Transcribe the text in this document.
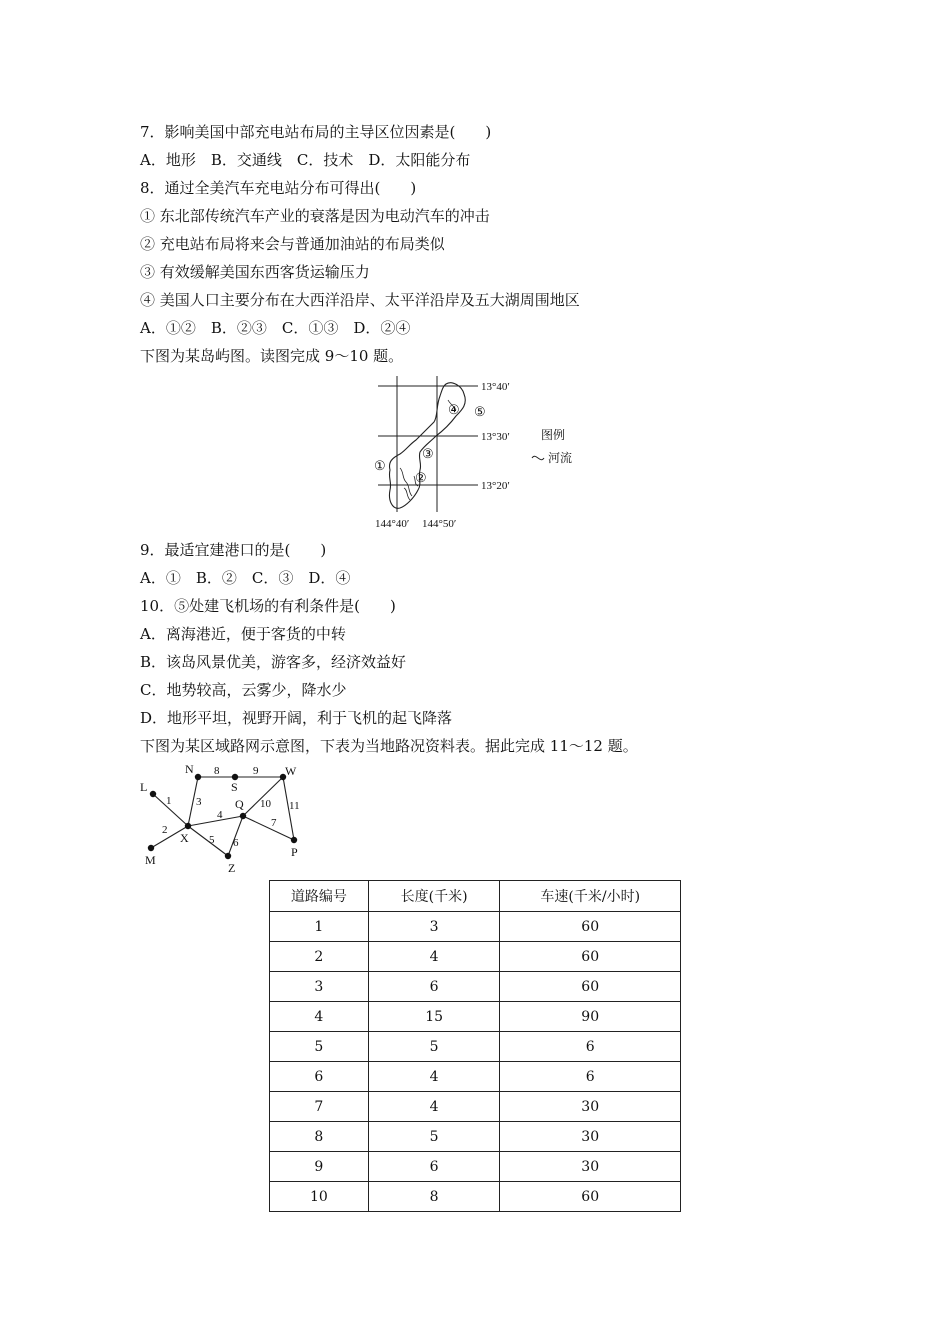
7．影响美国中部充电站布局的主导区位因素是(　　)
A．地形　B．交通线　C．技术　D．太阳能分布
8．通过全美汽车充电站分布可得出(　　)
① 东北部传统汽车产业的衰落是因为电动汽车的冲击
② 充电站布局将来会与普通加油站的布局类似
③ 有效缓解美国东西客货运输压力
④ 美国人口主要分布在大西洋沿岸、太平洋沿岸及五大湖周围地区
A．①②　B．②③　C．①③　D．②④
下图为某岛屿图。读图完成 9～10 题。
13°40′
13°30′
13°20′
144°40′ 144°50′
①
②
③
④ ⑤
图例
河流
9．最适宜建港口的是(　　)
A．①　B．②　C．③　D．④
10．⑤处建飞机场的有利条件是(　　)
A．离海港近，便于客货的中转
B．该岛风景优美，游客多，经济效益好
C．地势较高，云雾少，降水少
D．地形平坦，视野开阔，利于飞机的起飞降落
下图为某区域路网示意图，下表为当地路况资料表。据此完成 11～12 题。
L
N
S
W
Q
X
M
Z
P
1
2
3
4
5 6
7
8	9
10 11
道路编号	长度(千米)	车速(千米/小时)
1	3	60
2	4	60
3	6	60
4	15	90
5	5	6
6	4	6
7	4	30
8	5	30
9	6	30
10	8	60
